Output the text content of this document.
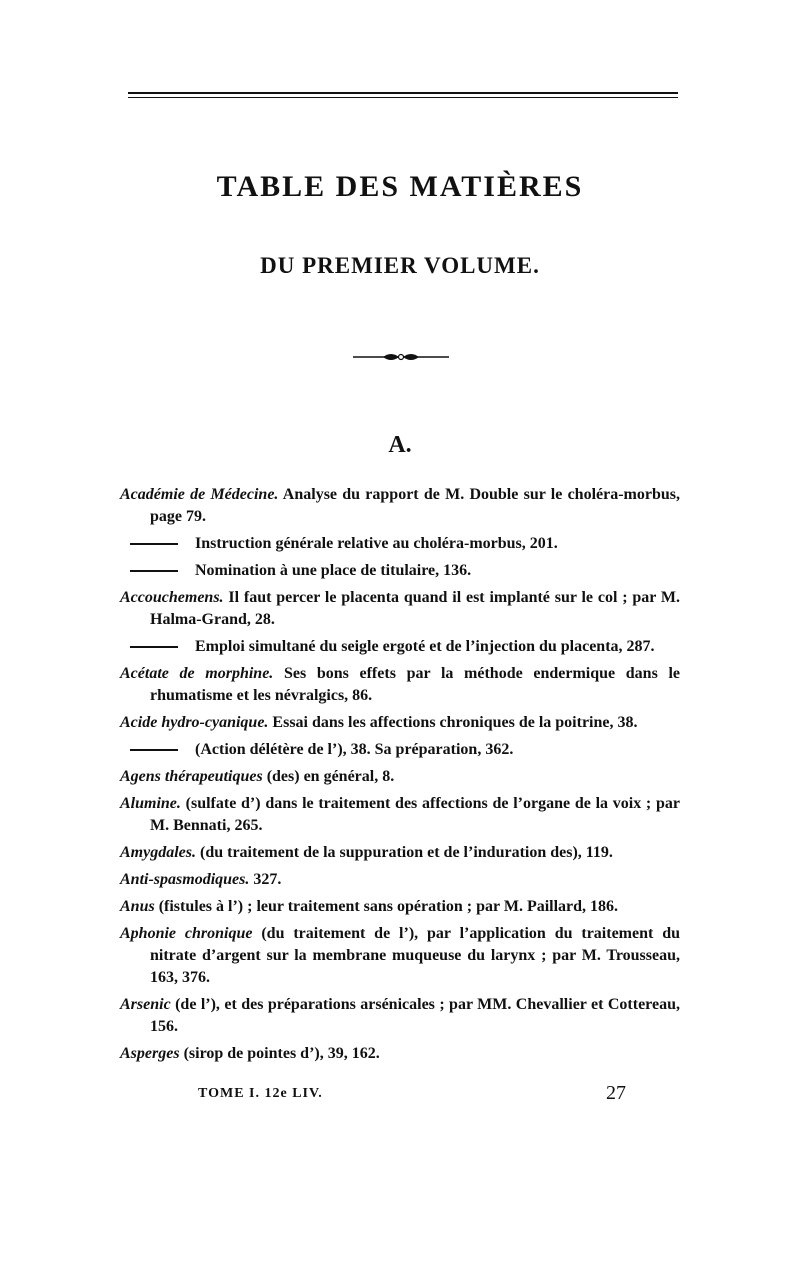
TABLE DES MATIÈRES
DU PREMIER VOLUME.
A.
Académie de Médecine. Analyse du rapport de M. Double sur le choléra-morbus, page 79.
Instruction générale relative au choléra-morbus, 201.
Nomination à une place de titulaire, 136.
Accouchemens. Il faut percer le placenta quand il est implanté sur le col ; par M. Halma-Grand, 28.
Emploi simultané du seigle ergoté et de l’injection du placenta, 287.
Acétate de morphine. Ses bons effets par la méthode endermique dans le rhumatisme et les névralgics, 86.
Acide hydro-cyanique. Essai dans les affections chroniques de la poitrine, 38.
(Action délétère de l’), 38. Sa préparation, 362.
Agens thérapeutiques (des) en général, 8.
Alumine. (sulfate d’) dans le traitement des affections de l’organe de la voix ; par M. Bennati, 265.
Amygdales. (du traitement de la suppuration et de l’induration des), 119.
Anti-spasmodiques. 327.
Anus (fistules à l’) ; leur traitement sans opération ; par M. Paillard, 186.
Aphonie chronique (du traitement de l’), par l’application du traitement du nitrate d’argent sur la membrane muqueuse du larynx ; par M. Trousseau, 163, 376.
Arsenic (de l’), et des préparations arsénicales ; par MM. Chevallier et Cottereau, 156.
Asperges (sirop de pointes d’), 39, 162.
TOME I. 12e LIV.	27
